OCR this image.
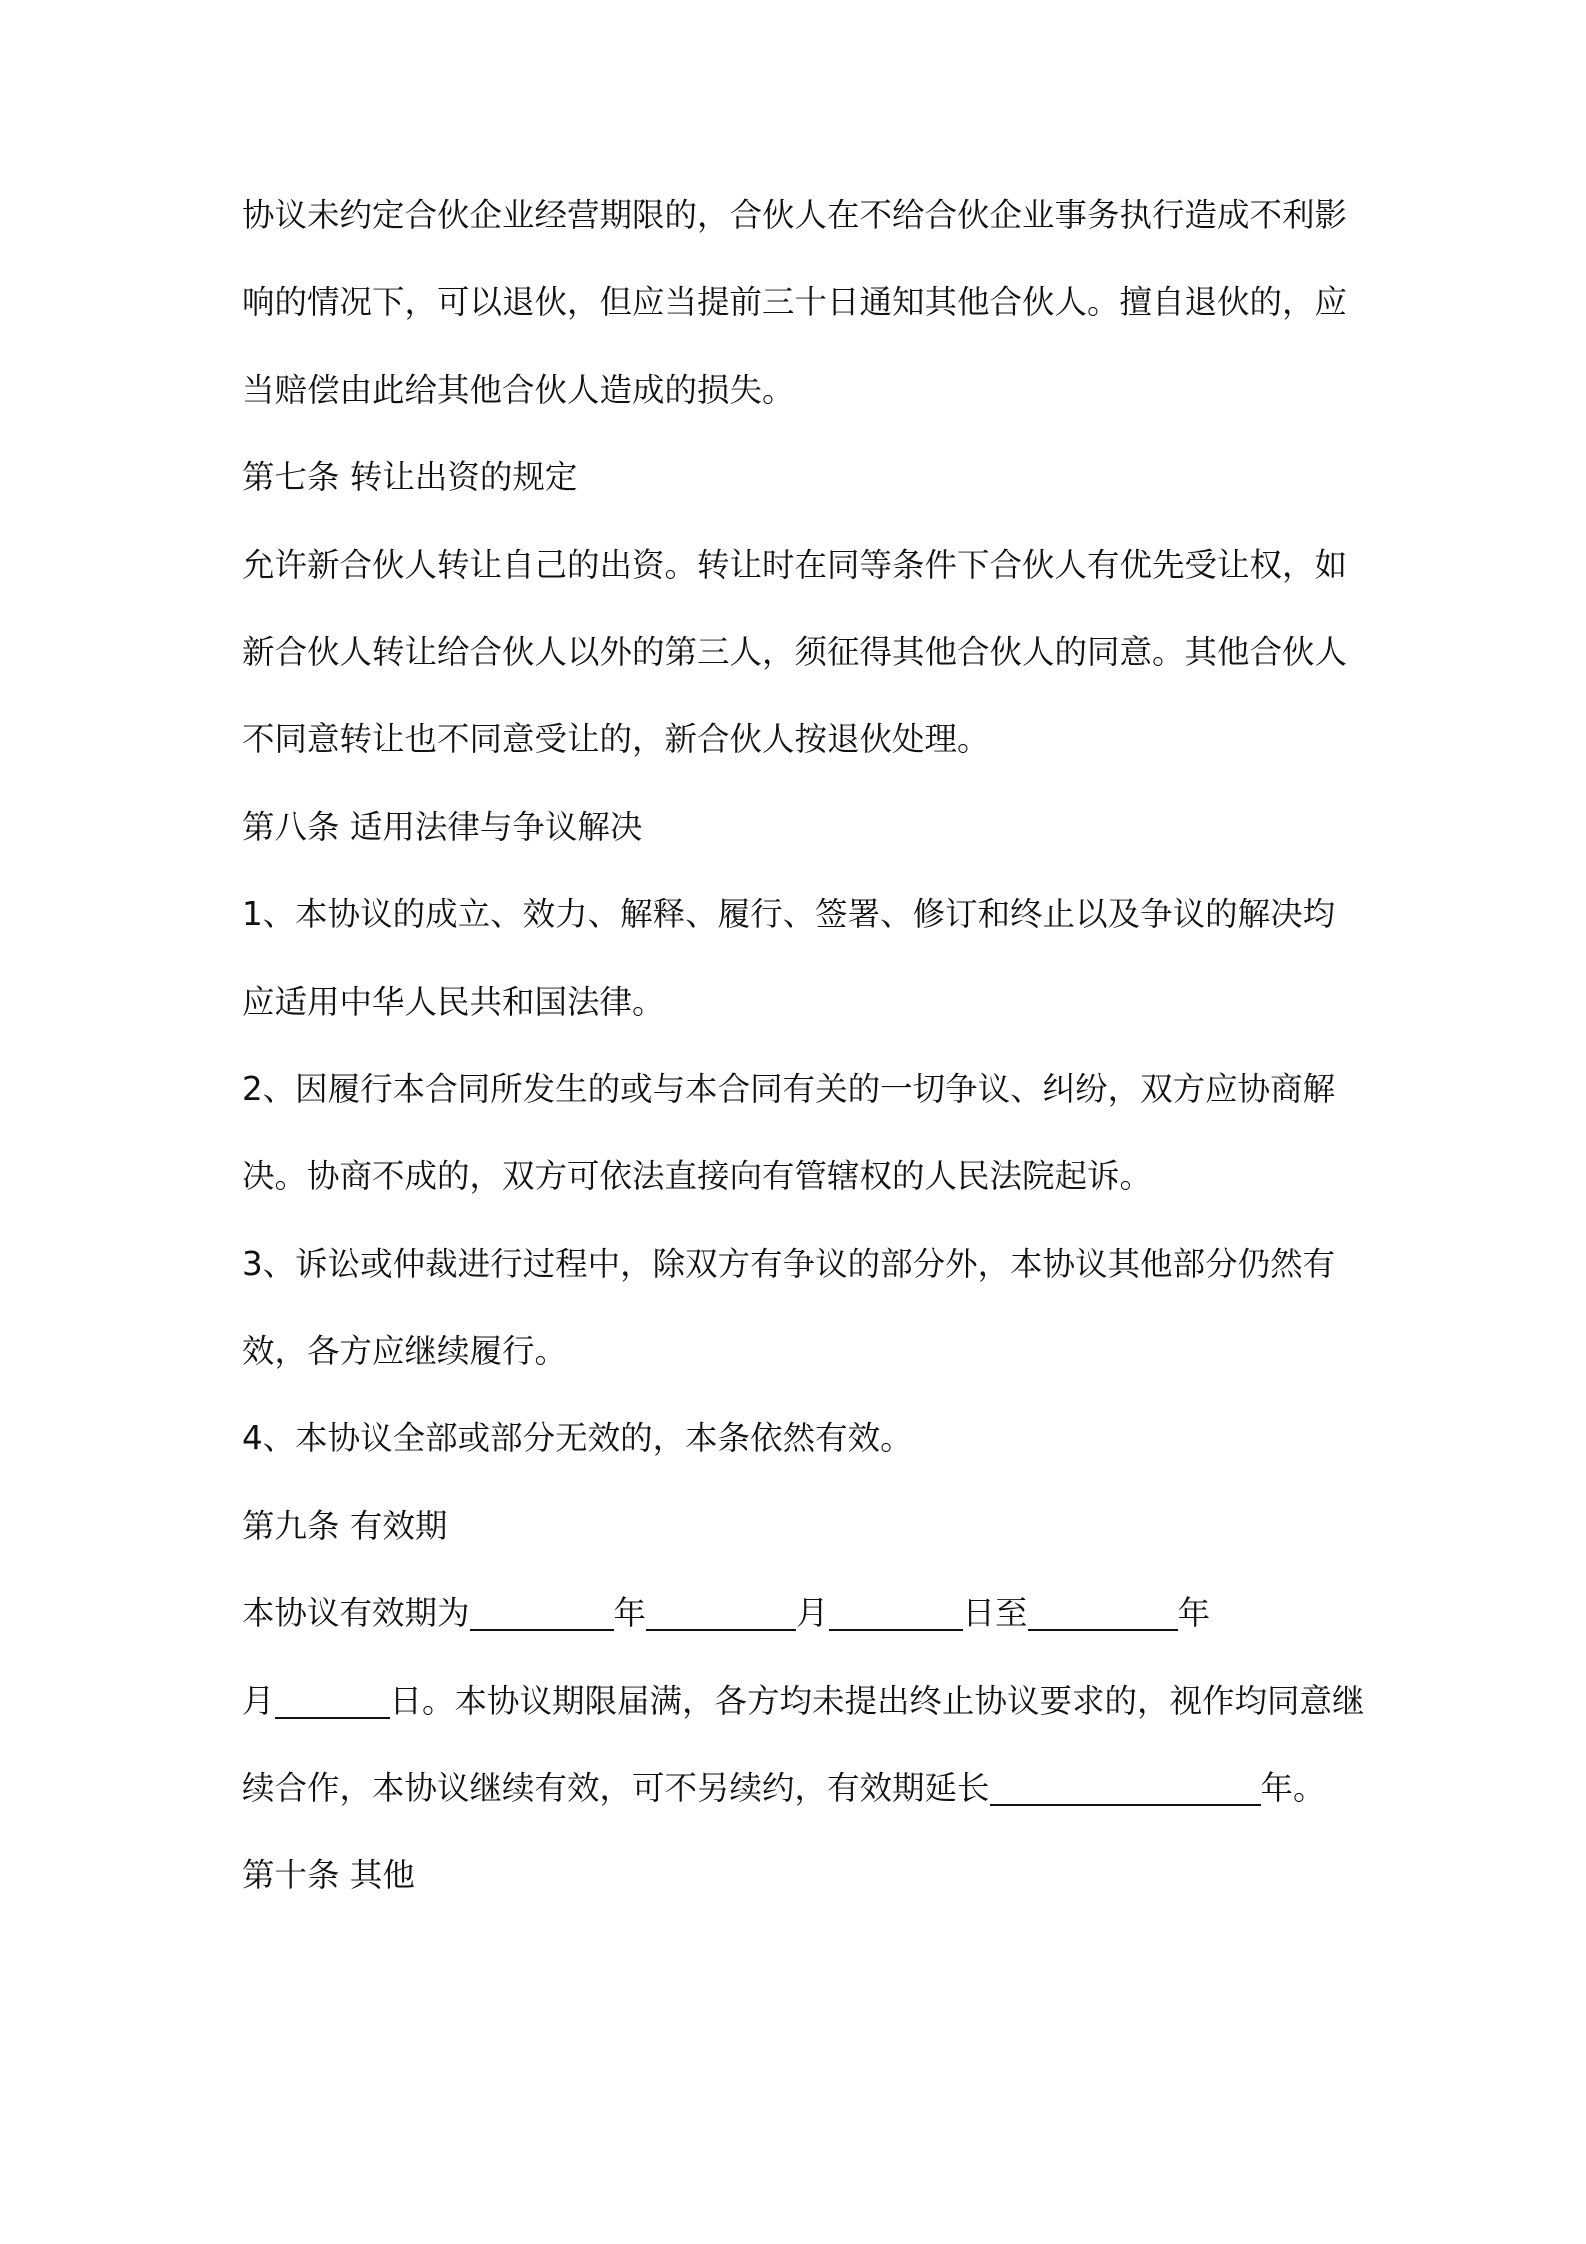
协议未约定合伙企业经营期限的，合伙人在不给合伙企业事务执行造成不利影
响的情况下，可以退伙，但应当提前三十日通知其他合伙人。擅自退伙的，应
当赔偿由此给其他合伙人造成的损失。
第七条 转让出资的规定
允许新合伙人转让自己的出资。转让时在同等条件下合伙人有优先受让权，如
新合伙人转让给合伙人以外的第三人，须征得其他合伙人的同意。其他合伙人
不同意转让也不同意受让的，新合伙人按退伙处理。
第八条 适用法律与争议解决
1、本协议的成立、效力、解释、履行、签署、修订和终止以及争议的解决均
应适用中华人民共和国法律。
2、因履行本合同所发生的或与本合同有关的一切争议、纠纷，双方应协商解
决。协商不成的，双方可依法直接向有管辖权的人民法院起诉。
3、诉讼或仲裁进行过程中，除双方有争议的部分外，本协议其他部分仍然有
效，各方应继续履行。
4、本协议全部或部分无效的，本条依然有效。
第九条 有效期
本协议有效期为	年	月	日至	年
月	日。本协议期限届满，各方均未提出终止协议要求的，视作均同意继
续合作，本协议继续有效，可不另续约，有效期延长	年。
第十条 其他
